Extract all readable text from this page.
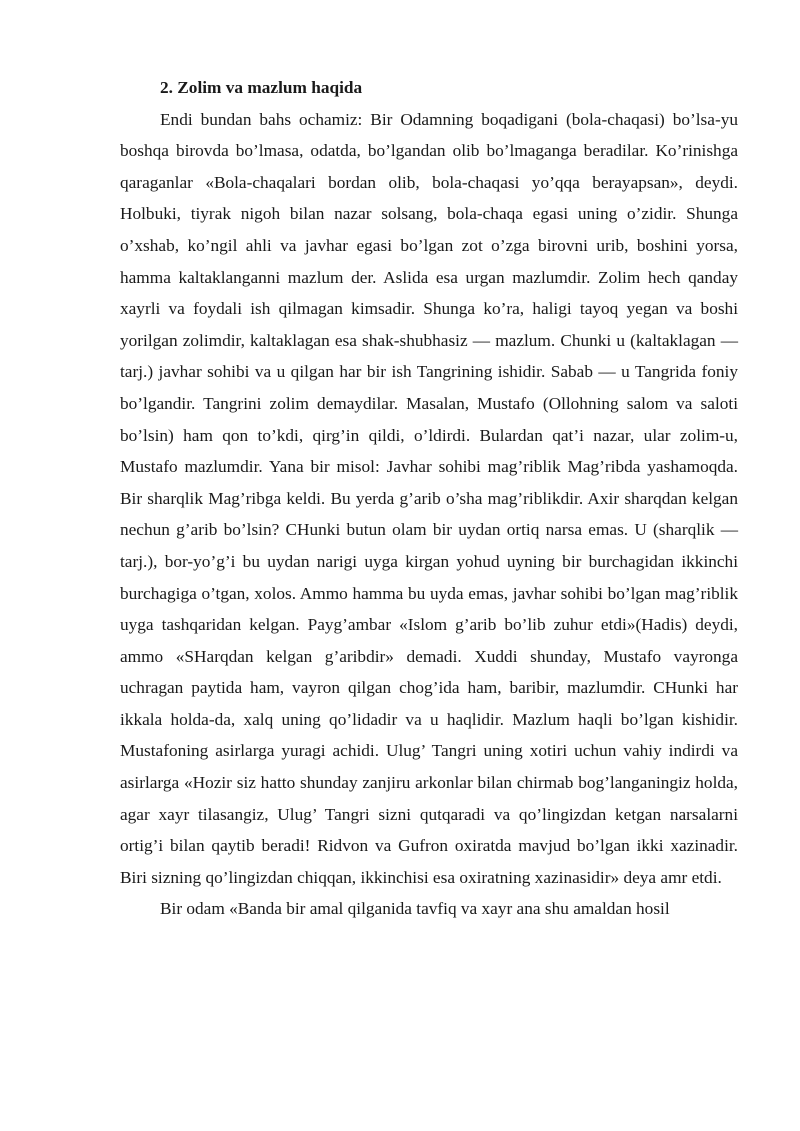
2. Zolim va mazlum haqida

Endi bundan bahs ochamiz: Bir Odamning boqadigani (bola-chaqasi) bo’lsa-yu boshqa birovda bo’lmasa, odatda, bo’lgandan olib bo’lmaganga beradilar. Ko’rinishga qaraganlar «Bola-chaqalari bordan olib, bola-chaqasi yo’qqa berayapsan», deydi. Holbuki, tiyrak nigoh bilan nazar solsang, bola-chaqa egasi uning o’zidir. Shunga o’xshab, ko’ngil ahli va javhar egasi bo’lgan zot o’zga birovni urib, boshini yorsa, hamma kaltaklanganni mazlum der. Aslida esa urgan mazlumdir. Zolim hech qanday xayrli va foydali ish qilmagan kimsadir. Shunga ko’ra, haligi tayoq yegan va boshi yorilgan zolimdir, kaltaklagan esa shak-shubhasiz — mazlum. Chunki u (kaltaklagan — tarj.) javhar sohibi va u qilgan har bir ish Tangrining ishidir. Sabab — u Tangrida foniy bo’lgandir. Tangrini zolim demaydilar. Masalan, Mustafo (Ollohning salom va saloti bo’lsin) ham qon to’kdi, qirg’in qildi, o’ldirdi. Bulardan qat’i nazar, ular zolim-u, Mustafo mazlumdir. Yana bir misol: Javhar sohibi mag’riblik Mag’ribda yashamoqda. Bir sharqlik Mag’ribga keldi. Bu yerda g’arib o’sha mag’riblikdir. Axir sharqdan kelgan nechun g’arib bo’lsin? CHunki butun olam bir uydan ortiq narsa emas. U (sharqlik — tarj.), bor-yo’g’i bu uydan narigi uyga kirgan yohud uyning bir burchagidan ikkinchi burchagiga o’tgan, xolos. Ammo hamma bu uyda emas, javhar sohibi bo’lgan mag’riblik uyga tashqaridan kelgan. Payg’ambar «Islom g’arib bo’lib zuhur etdi»(Hadis) deydi, ammo «SHarqdan kelgan g’aribdir» demadi. Xuddi shunday, Mustafo vayronga uchragan paytida ham, vayron qilgan chog’ida ham, baribir, mazlumdir. CHunki har ikkala holda-da, xalq uning qo’lidadir va u haqlidir. Mazlum haqli bo’lgan kishidir. Mustafoning asirlarga yuragi achidi. Ulug’ Tangri uning xotiri uchun vahiy indirdi va asirlarga «Hozir siz hatto shunday zanjiru arkonlar bilan chirmab bog’langaningiz holda, agar xayr tilasangiz, Ulug’ Tangri sizni qutqaradi va qo’lingizdan ketgan narsalarni ortig’i bilan qaytib beradi! Ridvon va Gufron oxiratda mavjud bo’lgan ikki xazinadir. Biri sizning qo’lingizdan chiqqan, ikkinchisi esa oxiratning xazinasidir» deya amr etdi.

Bir odam «Banda bir amal qilganida tavfiq va xayr ana shu amaldan hosil
